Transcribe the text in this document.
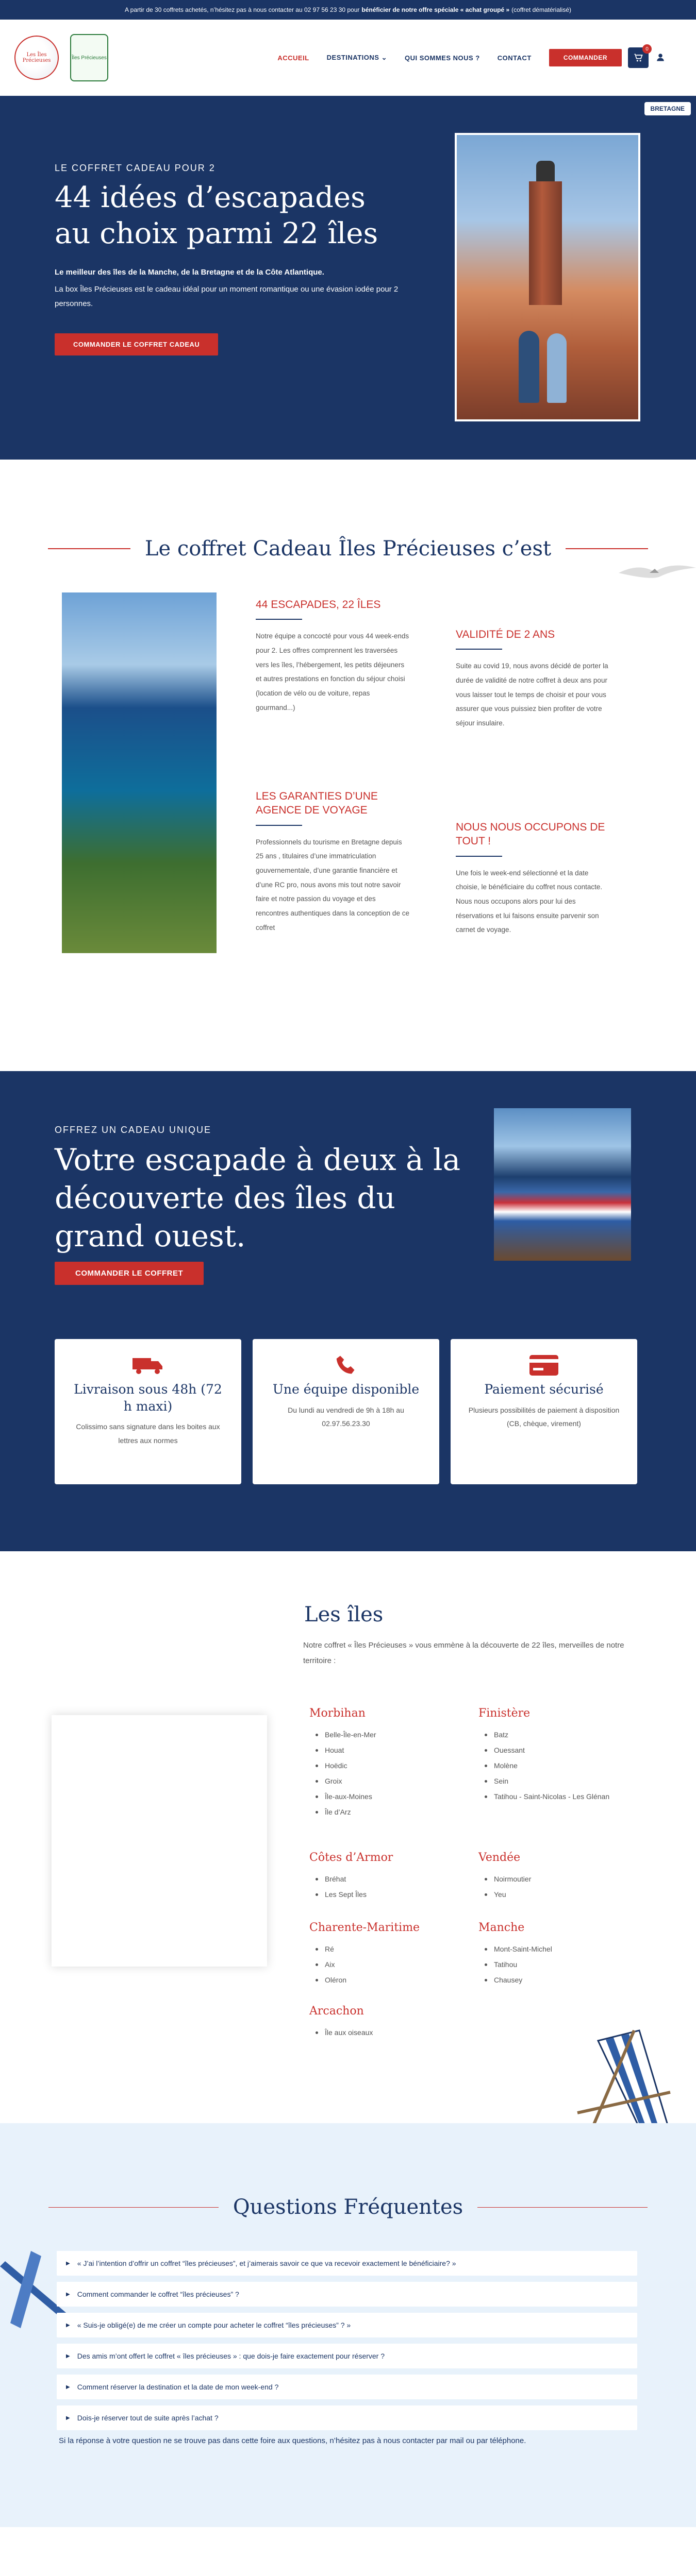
A partir de 30 coffrets achetés, n’hésitez pas à nous contacter au 02 97 56 23 30 pour bénéficier de notre offre spéciale « achat groupé » (coffret dématérialisé)
Les Îles Précieuses	Îles Précieuses	ACCUEIL	DESTINATIONS ⌄	QUI SOMMES NOUS ?	CONTACT	COMMANDER
0
LE COFFRET CADEAU POUR 2
44 idées d’escapades au choix parmi 22 îles

Le meilleur des îles de la Manche, de la Bretagne et de la Côte Atlantique.

La box Îles Précieuses est le cadeau idéal pour un moment romantique ou une évasion iodée pour 2 personnes.

COMMANDER LE COFFRET CADEAU
BRETAGNE
Le coffret Cadeau Îles Précieuses c’est
44 ESCAPADES, 22 ÎLES

Notre équipe a concocté pour vous 44 week-ends pour 2. Les offres comprennent les traversées vers les îles, l’hébergement, les petits déjeuners et autres prestations en fonction du séjour choisi (location de vélo ou de voiture, repas gourmand...)

LES GARANTIES D’UNE AGENCE DE VOYAGE

Professionnels du tourisme en Bretagne depuis 25 ans , titulaires d’une immatriculation gouvernementale, d’une garantie financière et d’une RC pro, nous avons mis tout notre savoir faire et notre passion du voyage et des rencontres authentiques dans la conception de ce coffret

VALIDITÉ DE 2 ANS

Suite au covid 19, nous avons décidé de porter la durée de validité de notre coffret à deux ans pour vous laisser tout le temps de choisir et pour vous assurer que vous puissiez bien profiter de votre séjour insulaire.

NOUS NOUS OCCUPONS DE TOUT !

Une fois le week-end sélectionné et la date choisie, le bénéficiaire du coffret nous contacte. Nous nous occupons alors pour lui des réservations et lui faisons ensuite parvenir son carnet de voyage.

OFFREZ UN CADEAU UNIQUE
Votre escapade à deux à la découverte des îles du grand ouest.
COMMANDER LE COFFRET
Livraison sous 48h (72 h maxi)

Colissimo sans signature dans les boites aux lettres aux normes

Une équipe disponible

Du lundi au vendredi de 9h à 18h au 02.97.56.23.30

Paiement sécurisé

Plusieurs possibilités de paiement à disposition (CB, chèque, virement)

Les îles

Notre coffret « Îles Précieuses » vous emmène à la découverte de 22 îles, merveilles de notre territoire :

Morbihan
Belle-Île-en-Mer
Houat
Hoëdic
Groix
Île-aux-Moines
Île d’Arz
Côtes d’Armor
Bréhat
Les Sept Îles
Charente-Maritime
Ré
Aix
Oléron
Arcachon
Île aux oiseaux
Finistère
Batz
Ouessant
Molène
Sein
Tatihou - Saint-Nicolas - Les Glénan
Vendée
Noirmoutier
Yeu
Manche
Mont-Saint-Michel
Tatihou
Chausey
Questions Fréquentes
▶ « J’ai l’intention d’offrir un coffret “îles précieuses”, et j’aimerais savoir ce que va recevoir exactement le bénéficiaire? »
▶ Comment commander le coffret “îles précieuses” ?
▶ « Suis-je obligé(e) de me créer un compte pour acheter le coffret “îles précieuses” ? »
▶ Des amis m’ont offert le coffret « îles précieuses » : que dois-je faire exactement pour réserver ?
▶ Comment réserver la destination et la date de mon week-end ?
▶ Dois-je réserver tout de suite après l’achat ?

Si la réponse à votre question ne se trouve pas dans cette foire aux questions, n’hésitez pas à nous contacter par mail ou par téléphone.
